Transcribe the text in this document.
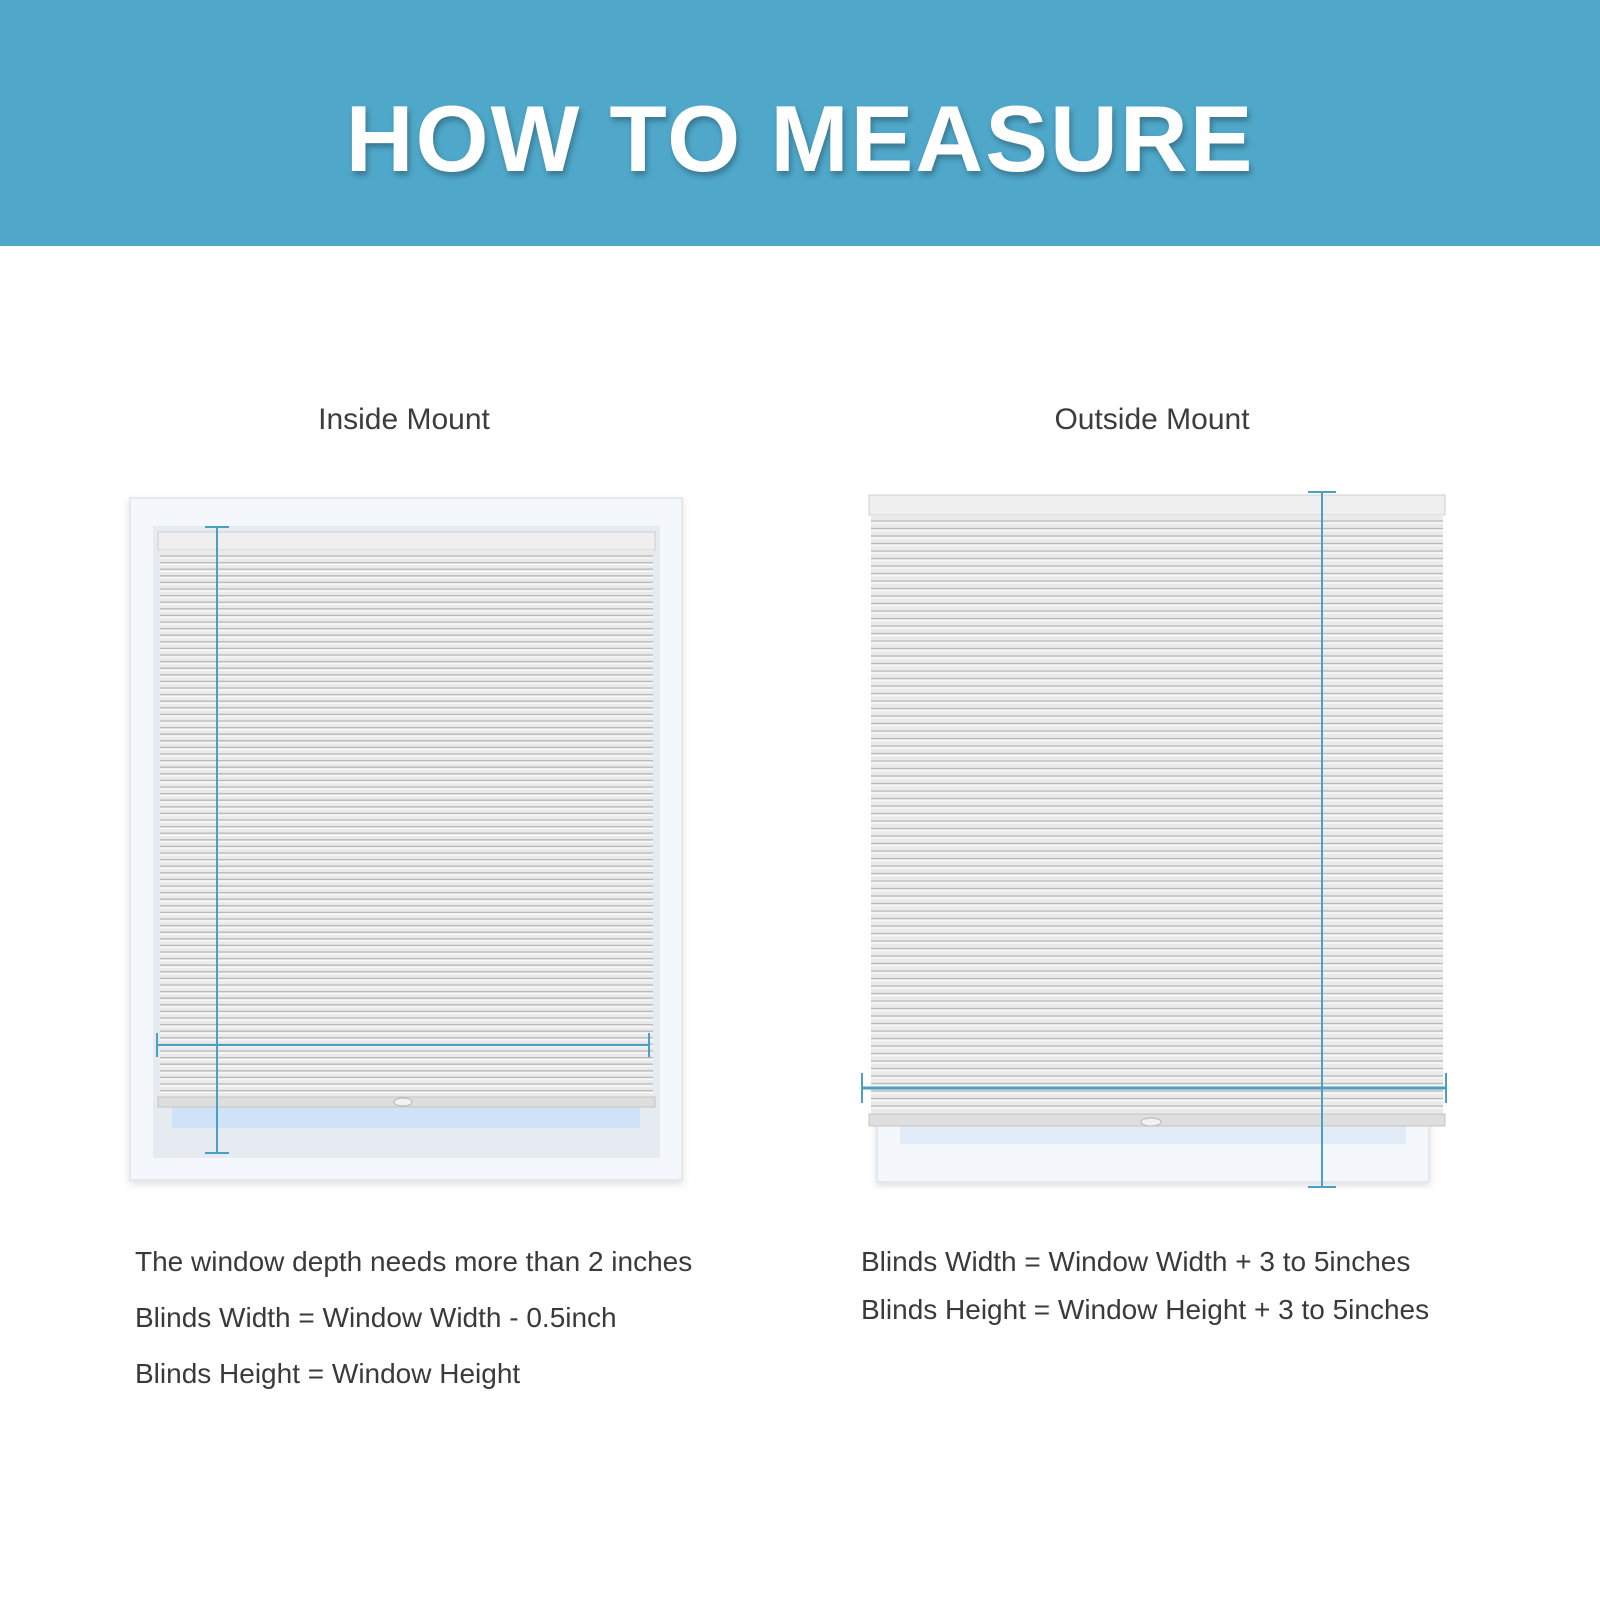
HOW TO MEASURE
Inside Mount	Outside Mount
The window depth needs more than 2 inches
Blinds Width = Window Width - 0.5inch
Blinds Height = Window Height
Blinds Width = Window Width + 3 to 5inches
Blinds Height = Window Height + 3 to 5inches
